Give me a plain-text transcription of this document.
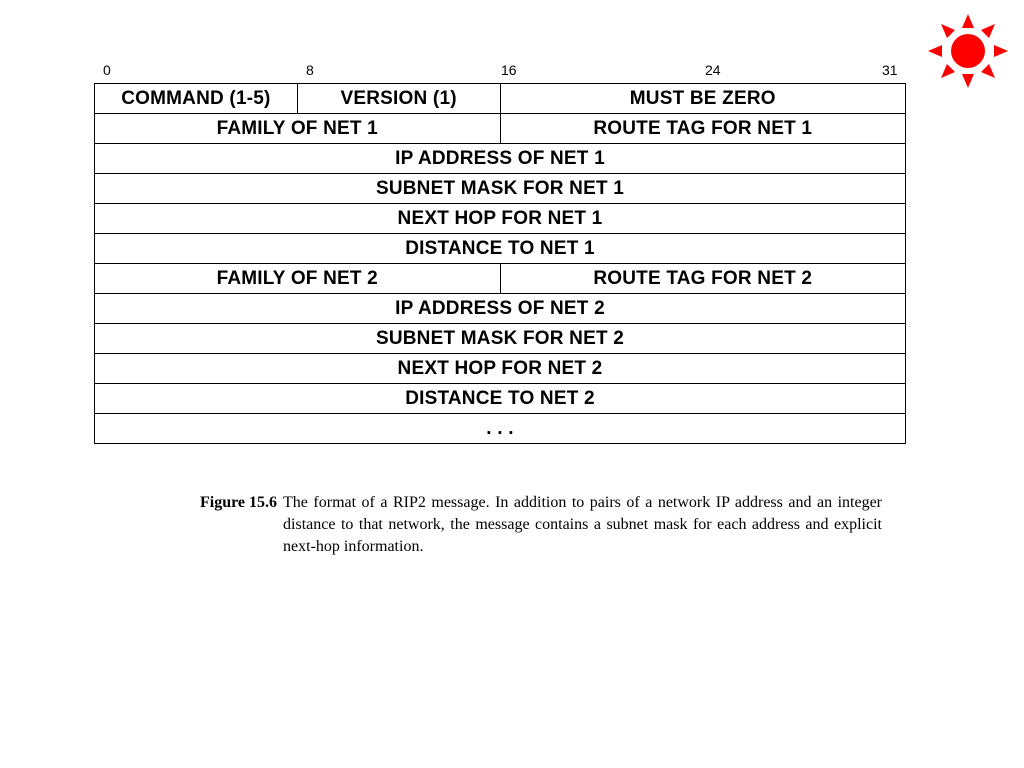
0	8	16	24	31
COMMAND (1-5)	VERSION (1)	MUST BE ZERO
FAMILY OF NET 1		ROUTE TAG FOR NET 1
IP ADDRESS OF NET 1		
SUBNET MASK FOR NET 1		
NEXT HOP FOR NET 1		
DISTANCE TO NET 1		
FAMILY OF NET 2		ROUTE TAG FOR NET 2
IP ADDRESS OF NET 2		
SUBNET MASK FOR NET 2		
NEXT HOP FOR NET 2		
DISTANCE TO NET 2		
. . .		
Figure 15.6 The format of a RIP2 message. In addition to pairs of a network IP address and an integer distance to that network, the message contains a subnet mask for each address and explicit next-hop information.
